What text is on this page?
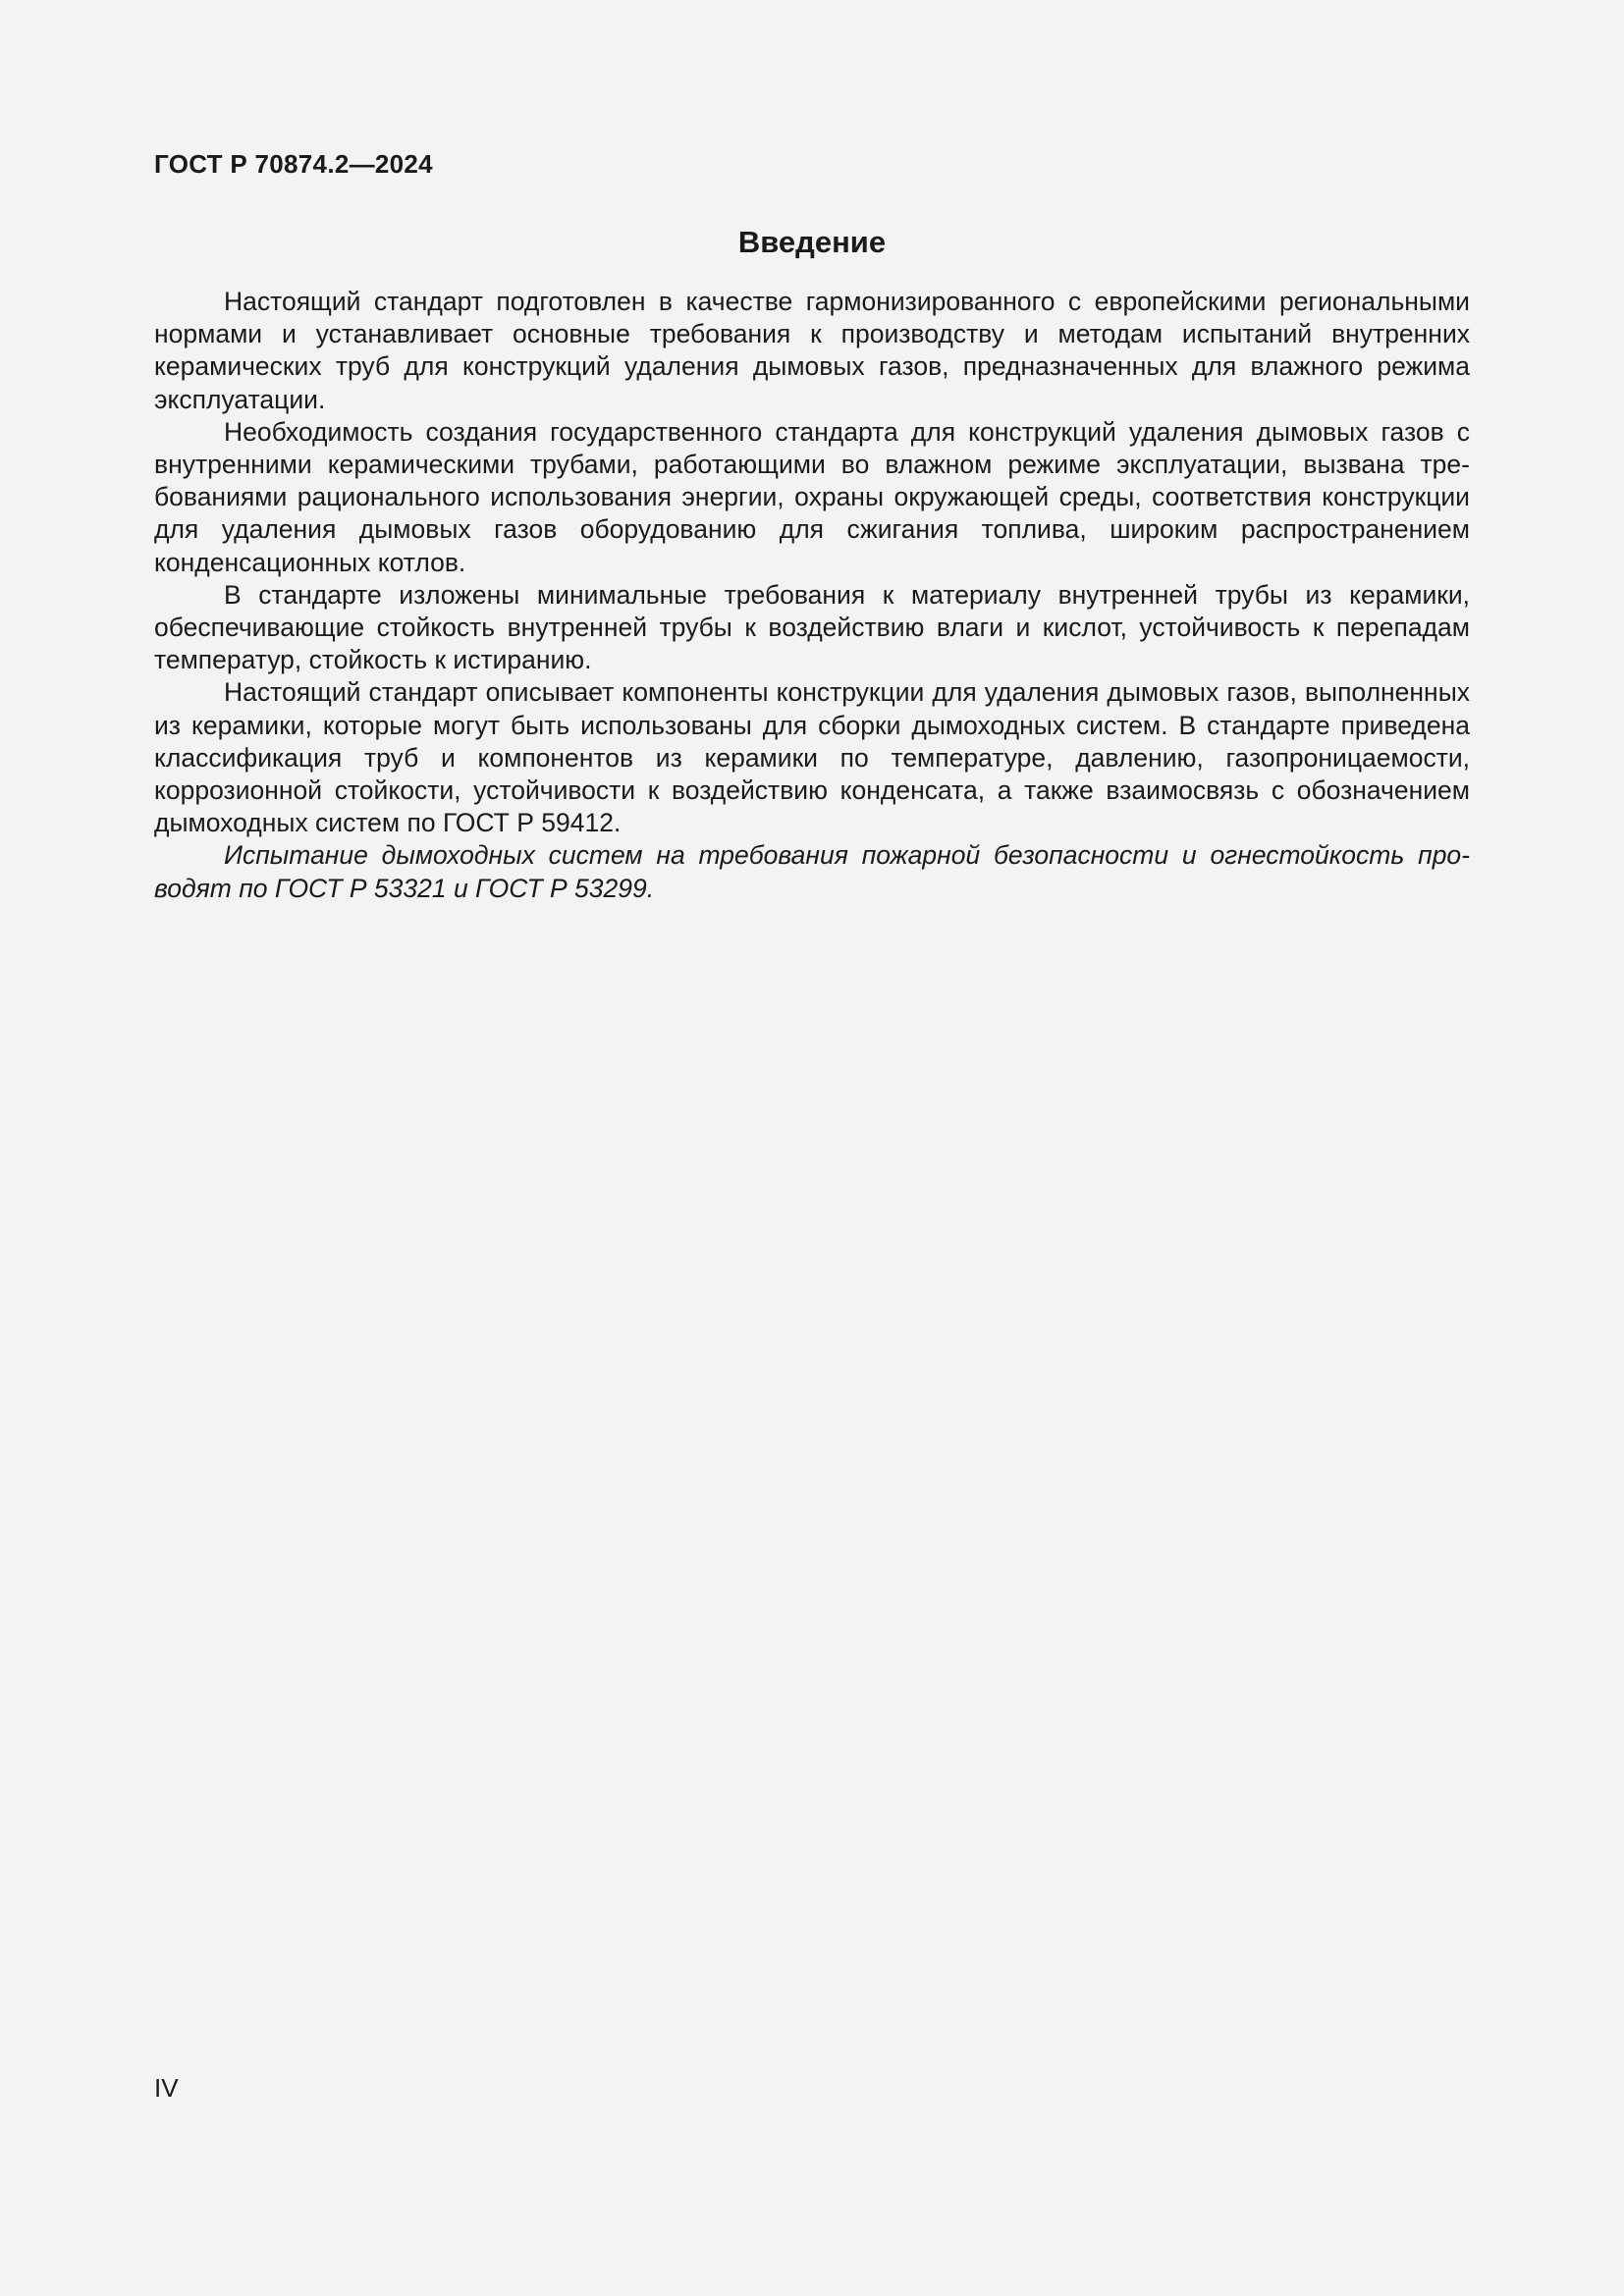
ГОСТ Р 70874.2—2024
Введение

Настоящий стандарт подготовлен в качестве гармонизированного с европейскими региональными нормами и устанавливает основные требования к производству и методам испытаний внутренних керамических труб для конструкций удаления дымовых газов, предназначенных для влажного режима эксплуатации.

Необходимость создания государственного стандарта для конструкций удаления дымовых газов с внутренними керамическими трубами, работающими во влажном режиме эксплуатации, вызвана требованиями рационального использования энергии, охраны окружающей среды, соответствия конструкции для удаления дымовых газов оборудованию для сжигания топлива, широким распространением конденсационных котлов.

В стандарте изложены минимальные требования к материалу внутренней трубы из керамики, обеспечивающие стойкость внутренней трубы к воздействию влаги и кислот, устойчивость к перепадам температур, стойкость к истиранию.

Настоящий стандарт описывает компоненты конструкции для удаления дымовых газов, выполненных из керамики, которые могут быть использованы для сборки дымоходных систем. В стандарте приведена классификация труб и компонентов из керамики по температуре, давлению, газопроницаемости, коррозионной стойкости, устойчивости к воздействию конденсата, а также взаимосвязь с обозначением дымоходных систем по ГОСТ Р 59412.

Испытание дымоходных систем на требования пожарной безопасности и огнестойкость проводят по ГОСТ Р 53321 и ГОСТ Р 53299.

IV
